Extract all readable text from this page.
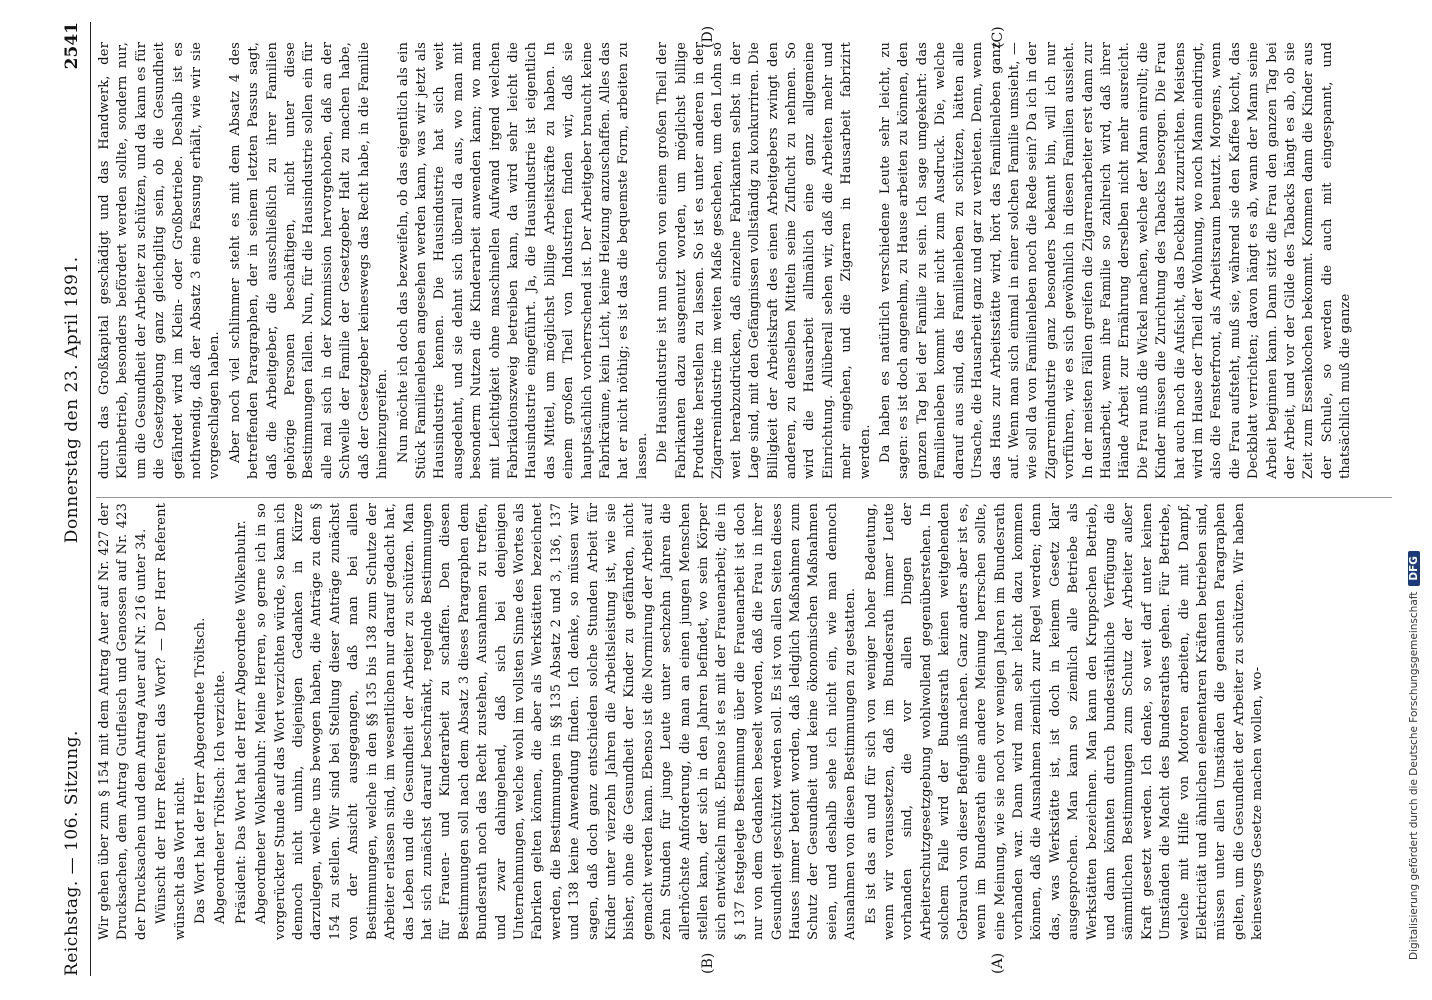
Reichstag. — 106. Sitzung.
Donnerstag den 23. April 1891.
2541
(A)
(B)
(C)
(D)

Wir gehen über zum § 154 mit dem Antrag Auer auf Nr. 427 der Drucksachen, dem Antrag Gutfleisch und Genossen auf Nr. 423 der Drucksachen und dem Antrag Auer auf Nr. 216 unter 34. Wünscht der Herr Referent das Wort? — Der Herr Referent wünscht das Wort nicht. Das Wort hat der Herr Abgeordnete Tröltsch. Abgeordneter Tröltsch: Ich verzichte. Präsident: Das Wort hat der Herr Abgeordnete Wolkenbuhr. Abgeordneter Wolkenbuhr: Meine Herren, so gerne ich in so vorgerückter Stunde auf das Wort verzichten würde, so kann ich dennoch nicht umhin, diejenigen Gedanken in Kürze darzulegen, welche uns bewogen haben, die Anträge zu dem § 154 zu stellen. Wir sind bei Stellung dieser Anträge zunächst von der Ansicht ausgegangen, daß man bei allen Bestimmungen, welche in den §§ 135 bis 138 zum Schutze der Arbeiter erlassen sind, im wesentlichen nur darauf gedacht hat, das Leben und die Gesundheit der Arbeiter zu schützen. Man hat sich zunächst darauf beschränkt, regelnde Bestimmungen für Frauen- und Kinderarbeit zu schaffen. Den diesen Bestimmungen soll nach dem Absatz 3 dieses Paragraphen dem Bundesrath noch das Recht zustehen, Ausnahmen zu treffen, und zwar dahingehend, daß sich bei denjenigen Unternehmungen, welche wohl im vollsten Sinne des Wortes als Fabriken gelten können, die aber als Werkstätten bezeichnet werden, die Bestimmungen in §§ 135 Absatz 2 und 3, 136, 137 und 138 keine Anwendung finden. Ich denke, so müssen wir sagen, daß doch ganz entschieden solche Stunden Arbeit für Kinder unter vierzehn Jahren die Arbeitsleistung ist, wie sie bisher, ohne die Gesundheit der Kinder zu gefährden, nicht gemacht werden kann. Ebenso ist die Normirung der Arbeit auf zehn Stunden für junge Leute unter sechzehn Jahren die allerhöchste Anforderung, die man an einen jungen Menschen stellen kann, der sich in den Jahren befindet, wo sein Körper sich entwickeln muß. Ebenso ist es mit der Frauenarbeit; die in § 137 festgelegte Bestimmung über die Frauenarbeit ist doch nur von dem Gedanken beseelt worden, daß die Frau in ihrer Gesundheit geschützt werden soll. Es ist von allen Seiten dieses Hauses immer betont worden, daß lediglich Maßnahmen zum Schutz der Gesundheit und keine ökonomischen Maßnahmen seien, und deshalb sehe ich nicht ein, wie man dennoch Ausnahmen von diesen Bestimmungen zu gestatten. Es ist das an und für sich von weniger hoher Bedeutung, wenn wir voraussetzen, daß im Bundesrath immer Leute vorhanden sind, die vor allen Dingen der Arbeiterschutzgesetzgebung wohlwollend gegenüberstehen. In solchem Falle wird der Bundesrath keinen weitgehenden Gebrauch von dieser Befugniß machen. Ganz anders aber ist es, wenn im Bundesrath eine andere Meinung herrschen sollte, eine Meinung, wie sie noch vor wenigen Jahren im Bundesrath vorhanden war. Dann wird man sehr leicht dazu kommen können, daß die Ausnahmen ziemlich zur Regel werden; denn das, was Werkstätte ist, ist doch in keinem Gesetz klar ausgesprochen. Man kann so ziemlich alle Betriebe als Werkstätten bezeichnen. Man kann den Kruppschen Betrieb, und dann könnten durch bundesräthliche Verfügung die sämmtlichen Bestimmungen zum Schutz der Arbeiter außer Kraft gesetzt werden. Ich denke, so weit darf unter keinen Umständen die Macht des Bundesrathes gehen. Für Betriebe, welche mit Hilfe von Motoren arbeiten, die mit Dampf, Elektricität und ähnlichen elementaren Kräften betrieben sind, müssen unter allen Umständen die genannten Paragraphen gelten, um die Gesundheit der Arbeiter zu schützen. Wir haben keineswegs Gesetze machen wollen, wo-

durch das Großkapital geschädigt und das Handwerk, der Kleinbetrieb, besonders befördert werden sollte, sondern nur, um die Gesundheit der Arbeiter zu schützen, und da kann es für die Gesetzgebung ganz gleichgiltig sein, ob die Gesundheit gefährdet wird im Klein- oder Großbetriebe. Deshalb ist es nothwendig, daß der Absatz 3 eine Fassung erhält, wie wir sie vorgeschlagen haben. Aber noch viel schlimmer steht es mit dem Absatz 4 des betreffenden Paragraphen, der in seinem letzten Passus sagt, daß die Arbeitgeber, die ausschließlich zu ihrer Familien gehörige Personen beschäftigen, nicht unter diese Bestimmungen fallen. Nun, für die Hausindustrie sollen ein für alle mal sich in der Kommission hervorgehoben, daß an der Schwelle der Familie der Gesetzgeber Halt zu machen habe, daß der Gesetzgeber keineswegs das Recht habe, in die Familie hineinzugreifen. Nun möchte ich doch das bezweifeln, ob das eigentlich als ein Stück Familienleben angesehen werden kann, was wir jetzt als Hausindustrie kennen. Die Hausindustrie hat sich weit ausgedehnt, und sie dehnt sich überall da aus, wo man mit besonderm Nutzen die Kinderarbeit anwenden kann; wo man mit Leichtigkeit ohne maschinellen Aufwand irgend welchen Fabrikationszweig betreiben kann, da wird sehr leicht die Hausindustrie eingeführt. Ja, die Hausindustrie ist eigentlich das Mittel, um möglichst billige Arbeitskräfte zu haben. In einem großen Theil von Industrien finden wir, daß sie hauptsächlich vorherrschend ist. Der Arbeitgeber braucht keine Fabrikräume, kein Licht, keine Heizung anzuschaffen. Alles das hat er nicht nöthig; es ist das die bequemste Form, arbeiten zu lassen. Die Hausindustrie ist nun schon von einem großen Theil der Fabrikanten dazu ausgenutzt worden, um möglichst billige Produkte herstellen zu lassen. So ist es unter anderen in der Zigarrenindustrie im weiten Maße geschehen, um den Lohn so weit herabzudrücken, daß einzelne Fabrikanten selbst in der Lage sind, mit den Gefängnissen vollständig zu konkurriren. Die Billigkeit der Arbeitskraft des einen Arbeitgebers zwingt den anderen, zu denselben Mitteln seine Zuflucht zu nehmen. So wird die Hausarbeit allmählich eine ganz allgemeine Einrichtung. Allüberall sehen wir, daß die Arbeiten mehr und mehr eingehen, und die Zigarren in Hausarbeit fabrizirt werden. Da haben es natürlich verschiedene Leute sehr leicht, zu sagen: es ist doch angenehm, zu Hause arbeiten zu können, den ganzen Tag bei der Familie zu sein. Ich sage umgekehrt: das Familienleben kommt hier nicht zum Ausdruck. Die, welche darauf aus sind, das Familienleben zu schützen, hätten alle Ursache, die Hausarbeit ganz und gar zu verbieten. Denn, wenn das Haus zur Arbeitsstätte wird, hört das Familienleben ganz auf. Wenn man sich einmal in einer solchen Familie umsieht, — wie soll da von Familienleben noch die Rede sein? Da ich in der Zigarrenindustrie ganz besonders bekannt bin, will ich nur vorführen, wie es sich gewöhnlich in diesen Familien aussieht. In der meisten Fällen greifen die Zigarrenarbeiter erst dann zur Hausarbeit, wenn ihre Familie so zahlreich wird, daß ihrer Hände Arbeit zur Ernährung derselben nicht mehr ausreicht. Die Frau muß die Wickel machen, welche der Mann einrollt; die Kinder müssen die Zurichtung des Tabacks besorgen. Die Frau hat auch noch die Aufsicht, das Deckblatt zuzurichten. Meistens wird im Hause der Theil der Wohnung, wo noch Mann eindringt, also die Fensterfront, als Arbeitsraum benutzt. Morgens, wenn die Frau aufsteht, muß sie, während sie den Kaffee kocht, das Deckblatt verrichten; davon hängt es ab, wann der Mann seine Arbeit beginnen kann. Dann sitzt die Frau den ganzen Tag bei der Arbeit, und vor der Gilde des Tabacks hängt es ab, ob sie Zeit zum Essenkochen bekommt. Kommen dann die Kinder aus der Schule, so werden die auch mit eingespannt, und thatsächlich muß die ganze

Digitalisierung gefördert durch die Deutsche ForschungsgemeinschaftDFG
